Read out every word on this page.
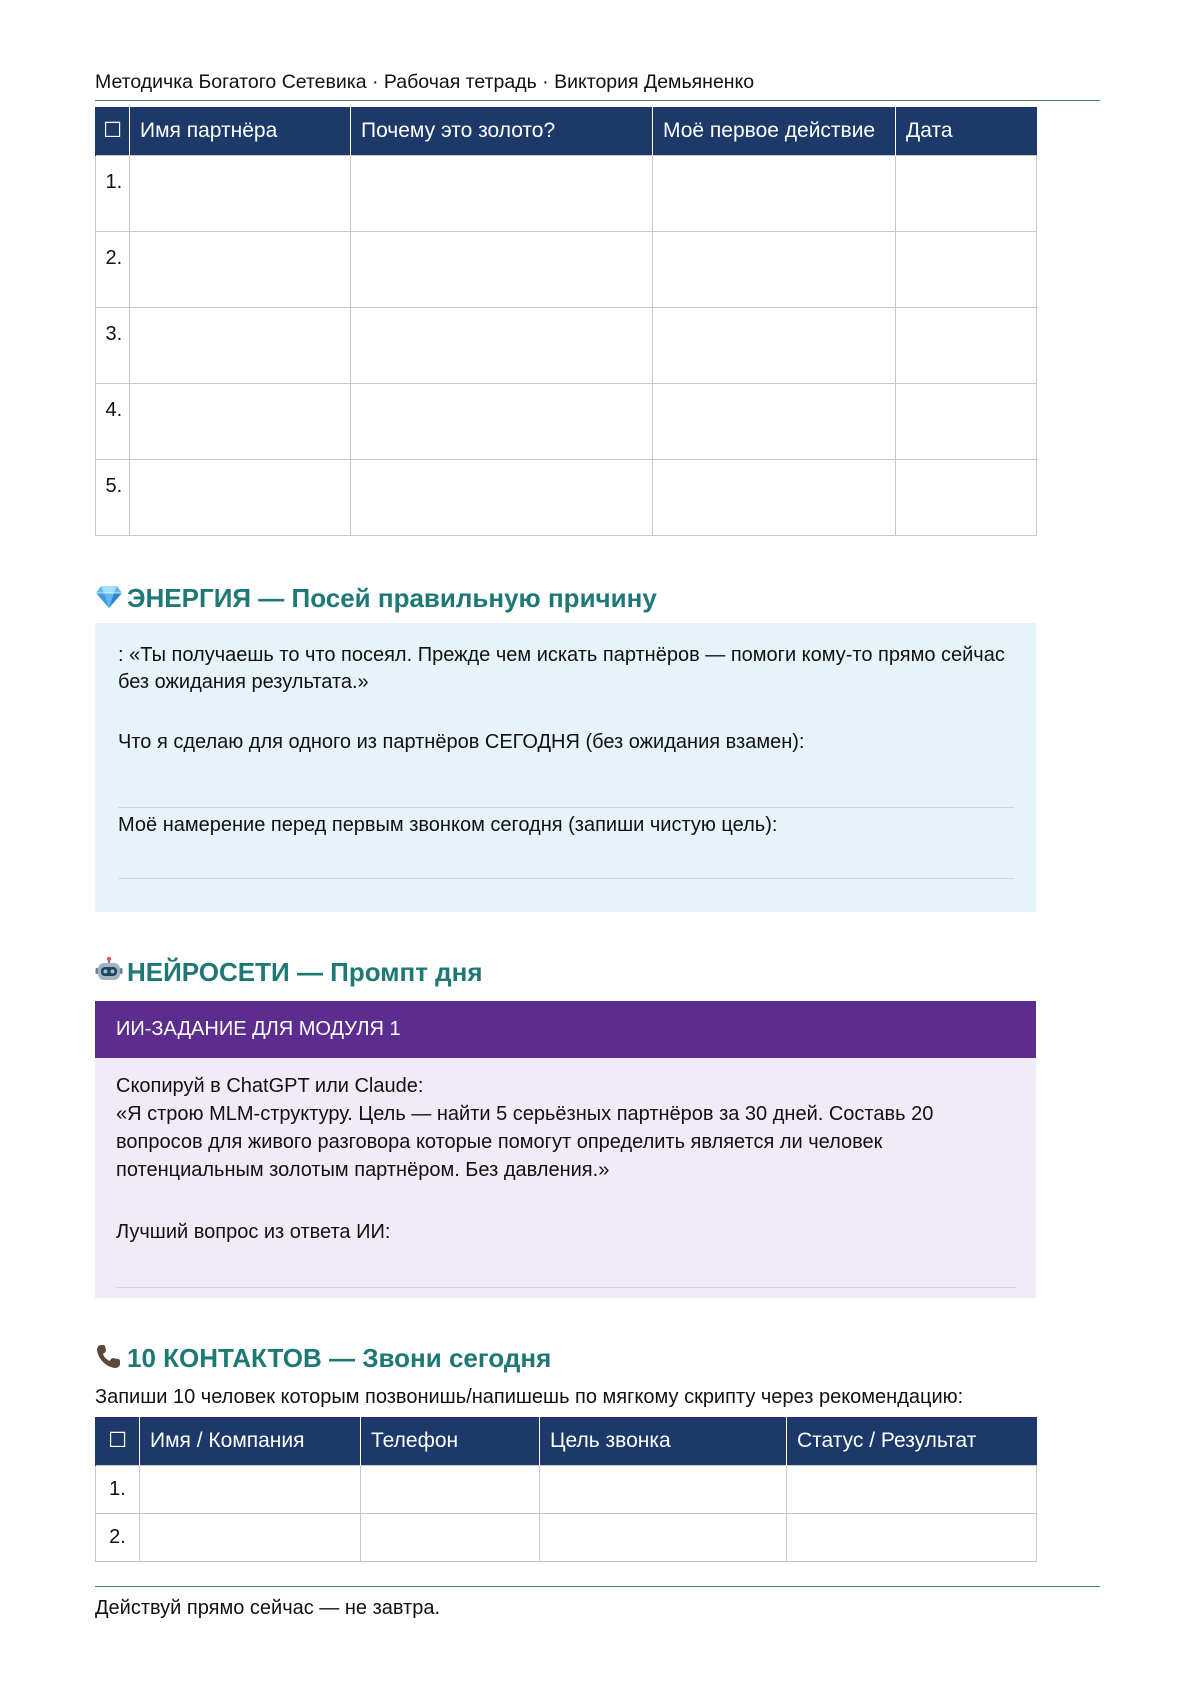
Методичка Богатого Сетевика · Рабочая тетрадь · Виктория Демьяненко
☐	Имя партнёра	Почему это золото?	Моё первое действие	Дата

1.				

2.				

3.				

4.				

5.				

ЭНЕРГИЯ — Посей правильную причину
: «Ты получаешь то что посеял. Прежде чем искать партнёров — помоги кому-то прямо сейчас без ожидания результата.»
Что я сделаю для одного из партнёров СЕГОДНЯ (без ожидания взамен):
Моё намерение перед первым звонком сегодня (запиши чистую цель):
НЕЙРОСЕТИ — Промпт дня
ИИ-ЗАДАНИЕ ДЛЯ МОДУЛЯ 1
Скопируй в ChatGPT или Claude:
«Я строю MLM-структуру. Цель — найти 5 серьёзных партнёров за 30 дней. Составь 20 вопросов для живого разговора которые помогут определить является ли человек потенциальным золотым партнёром. Без давления.»
Лучший вопрос из ответа ИИ:
10 КОНТАКТОВ — Звони сегодня
Запиши 10 человек которым позвонишь/напишешь по мягкому скрипту через рекомендацию:
☐	Имя / Компания	Телефон	Цель звонка	Статус / Результат
1.				
2.				
Действуй прямо сейчас — не завтра.
